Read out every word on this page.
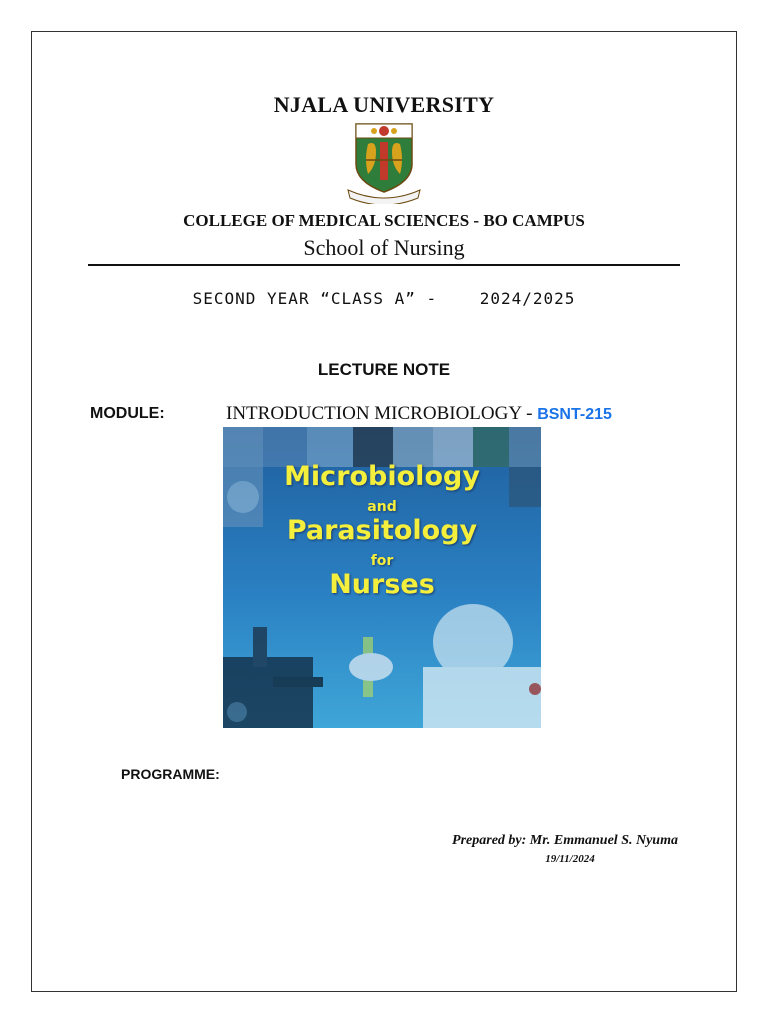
NJALA UNIVERSITY
COLLEGE OF MEDICAL SCIENCES - BO CAMPUS
School of Nursing
SECOND YEAR “CLASS A” -    2024/2025
LECTURE NOTE
MODULE:	INTRODUCTION MICROBIOLOGY - BSNT-215
Microbiology
and
Parasitology
for
Nurses
PROGRAMME:
Prepared by: Mr. Emmanuel S. Nyuma
19/11/2024
